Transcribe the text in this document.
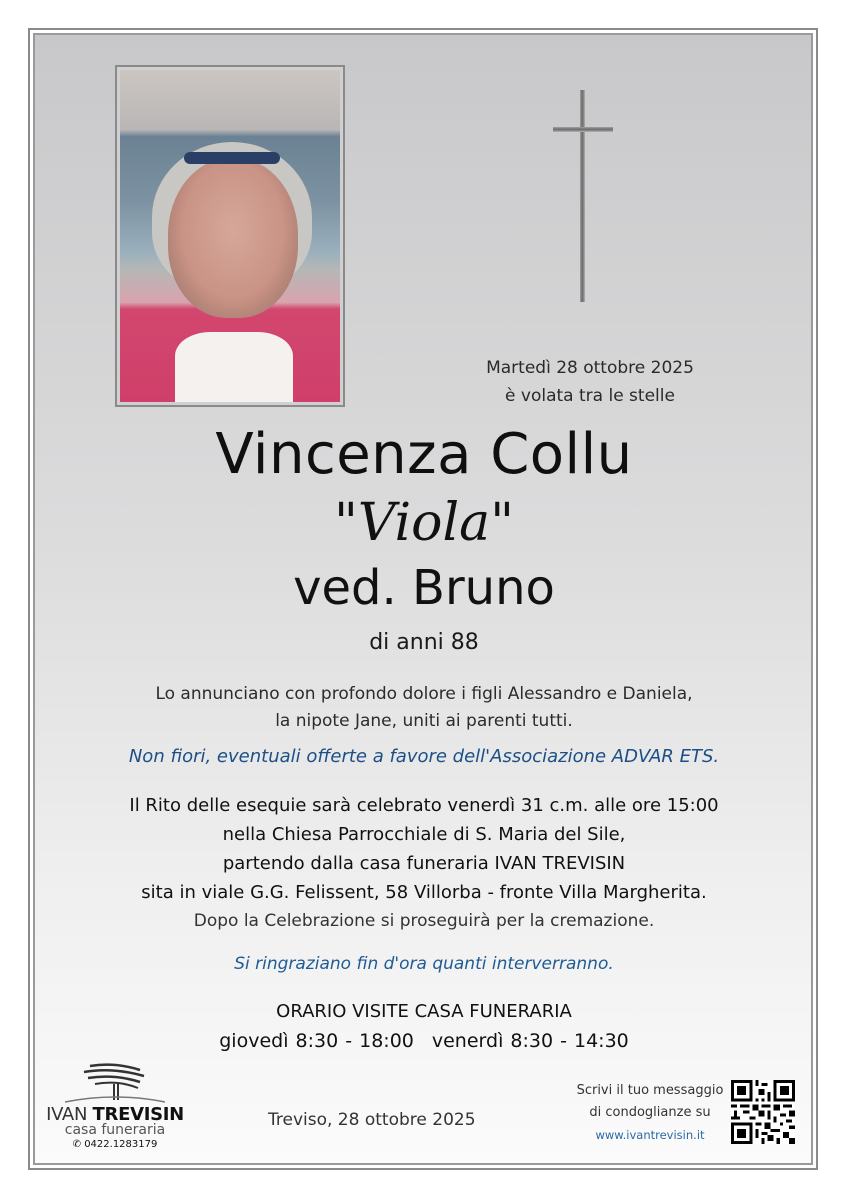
Martedì 28 ottobre 2025
è volata tra le stelle
Vincenza Collu
"Viola"
ved. Bruno
di anni 88
Lo annunciano con profondo dolore i figli Alessandro e Daniela,
la nipote Jane, uniti ai parenti tutti.
Non fiori, eventuali offerte a favore dell'Associazione ADVAR ETS.
Il Rito delle esequie sarà celebrato venerdì 31 c.m. alle ore 15:00
nella Chiesa Parrocchiale di S. Maria del Sile,
partendo dalla casa funeraria IVAN TREVISIN
sita in viale G.G. Felissent, 58 Villorba - fronte Villa Margherita.
Dopo la Celebrazione si proseguirà per la cremazione.
Si ringraziano fin d'ora quanti interverranno.
ORARIO VISITE CASA FUNERARIA
giovedì 8:30 - 18:00 venerdì 8:30 - 14:30
IVAN TREVISIN
casa funeraria
✆ 0422.1283179
Treviso, 28 ottobre 2025
Scrivi il tuo messaggio
di condoglianze su
www.ivantrevisin.it
